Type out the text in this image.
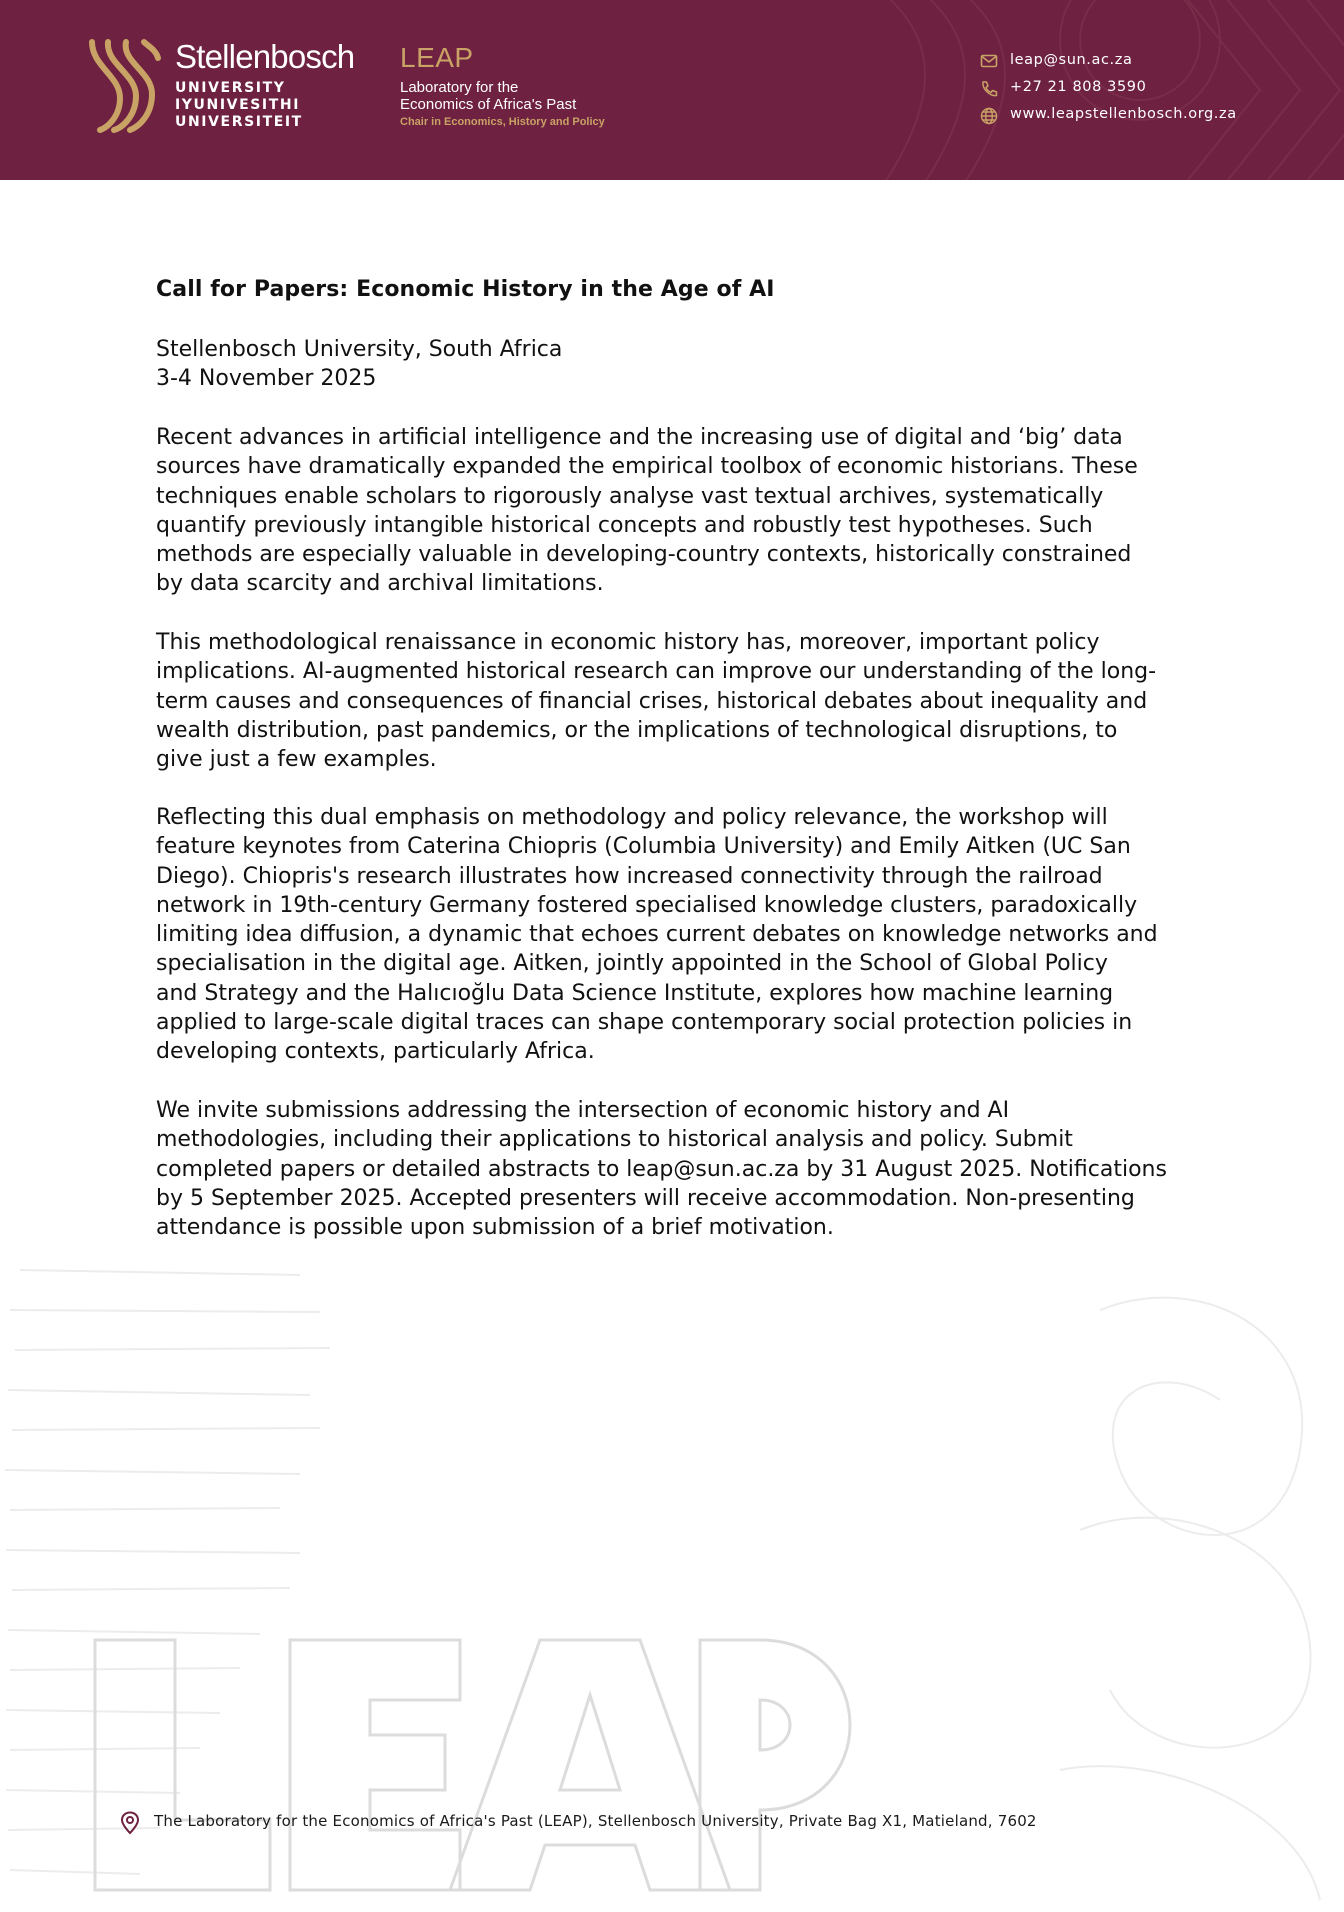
Stellenbosch
UNIVERSITY
IYUNIVESITHI
UNIVERSITEIT
LEAP
Laboratory for the
Economics of Africa's Past
Chair in Economics, History and Policy
leap@sun.ac.za
+27 21 808 3590
www.leapstellenbosch.org.za
Call for Papers: Economic History in the Age of AI
Stellenbosch University, South Africa
3-4 November 2025
Recent advances in artificial intelligence and the increasing use of digital and ‘big’ data
sources have dramatically expanded the empirical toolbox of economic historians. These
techniques enable scholars to rigorously analyse vast textual archives, systematically
quantify previously intangible historical concepts and robustly test hypotheses. Such
methods are especially valuable in developing-country contexts, historically constrained
by data scarcity and archival limitations.
This methodological renaissance in economic history has, moreover, important policy
implications. AI-augmented historical research can improve our understanding of the long-
term causes and consequences of financial crises, historical debates about inequality and
wealth distribution, past pandemics, or the implications of technological disruptions, to
give just a few examples.
Reflecting this dual emphasis on methodology and policy relevance, the workshop will
feature keynotes from Caterina Chiopris (Columbia University) and Emily Aitken (UC San
Diego). Chiopris's research illustrates how increased connectivity through the railroad
network in 19th-century Germany fostered specialised knowledge clusters, paradoxically
limiting idea diffusion, a dynamic that echoes current debates on knowledge networks and
specialisation in the digital age. Aitken, jointly appointed in the School of Global Policy
and Strategy and the Halıcıoğlu Data Science Institute, explores how machine learning
applied to large-scale digital traces can shape contemporary social protection policies in
developing contexts, particularly Africa.
We invite submissions addressing the intersection of economic history and AI
methodologies, including their applications to historical analysis and policy. Submit
completed papers or detailed abstracts to leap@sun.ac.za by 31 August 2025. Notifications
by 5 September 2025. Accepted presenters will receive accommodation. Non-presenting
attendance is possible upon submission of a brief motivation.
The Laboratory for the Economics of Africa's Past (LEAP), Stellenbosch University, Private Bag X1, Matieland, 7602
